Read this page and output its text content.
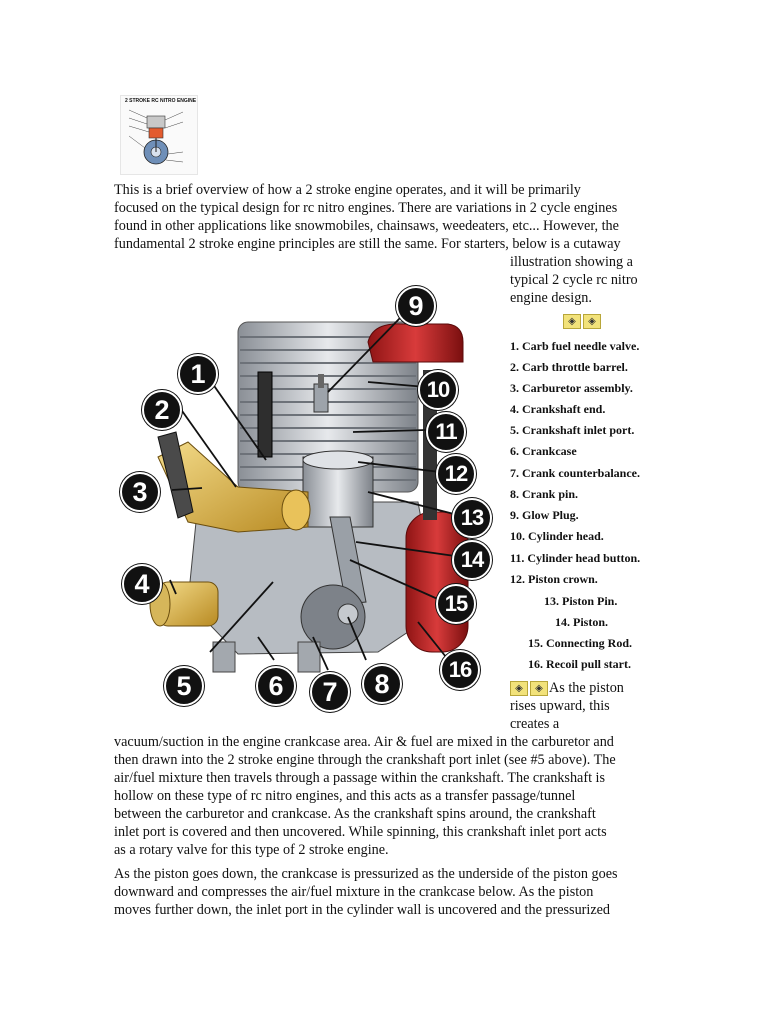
2 STROKE RC NITRO ENGINE
This is a brief overview of how a 2 stroke engine operates, and it will be primarily
focused on the typical design for rc nitro engines. There are variations in 2 cycle engines
found in other applications like snowmobiles, chainsaws, weedeaters, etc... However, the
fundamental 2 stroke engine principles are still the same. For starters, below is a cutaway
illustration showing a
typical 2 cycle rc nitro
engine design.
◈	◈
1
2
3
4
5	6	7	8
9
10
11
12
13
14
15
16
1. Carb fuel needle valve.
2. Carb throttle barrel.
3. Carburetor assembly.
4. Crankshaft end.
5. Crankshaft inlet port.
6. Crankcase
7. Crank counterbalance.
8. Crank pin.
9. Glow Plug.
10. Cylinder head.
11. Cylinder head button.
12. Piston crown.
13. Piston Pin.
14. Piston.
15. Connecting Rod.
16. Recoil pull start.
◈	◈ As the piston
rises upward, this
creates a
vacuum/suction in the engine crankcase area. Air & fuel are mixed in the carburetor and
then drawn into the 2 stroke engine through the crankshaft port inlet (see #5 above). The
air/fuel mixture then travels through a passage within the crankshaft. The crankshaft is
hollow on these type of rc nitro engines, and this acts as a transfer passage/tunnel
between the carburetor and crankcase. As the crankshaft spins around, the crankshaft
inlet port is covered and then uncovered. While spinning, this crankshaft inlet port acts
as a rotary valve for this type of 2 stroke engine.
As the piston goes down, the crankcase is pressurized as the underside of the piston goes
downward and compresses the air/fuel mixture in the crankcase below. As the piston
moves further down, the inlet port in the cylinder wall is uncovered and the pressurized
